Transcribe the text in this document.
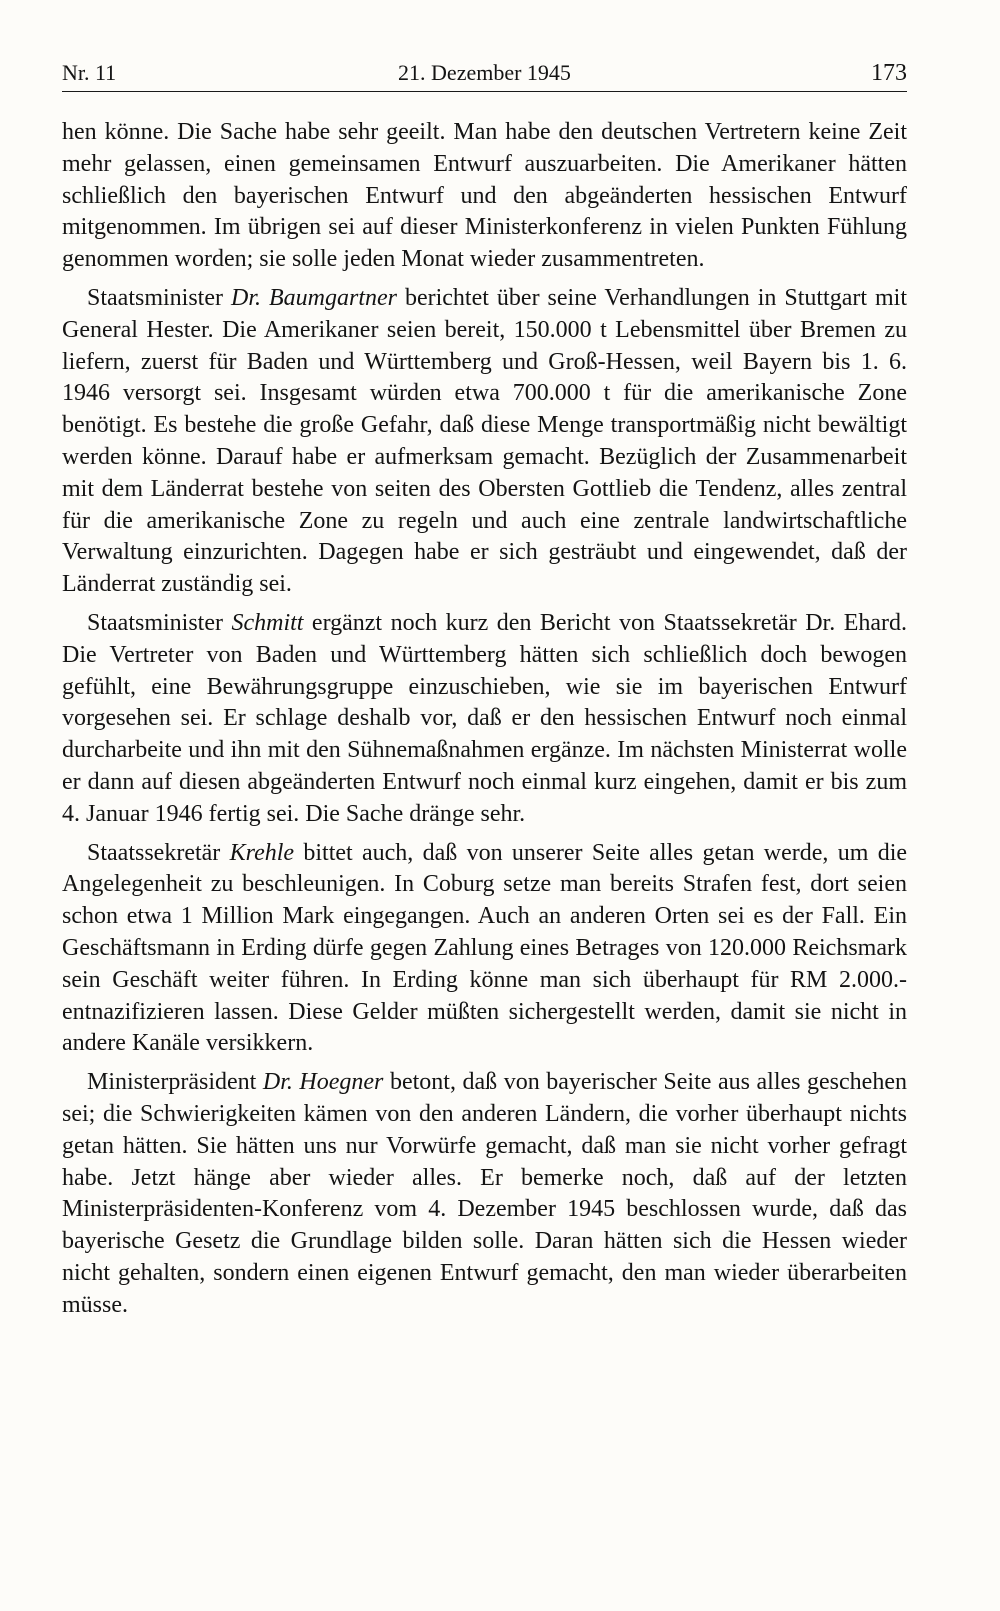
Nr. 11	21. Dezember 1945	173

hen könne. Die Sache habe sehr geeilt. Man habe den deutschen Vertretern keine Zeit mehr gelassen, einen gemeinsamen Entwurf auszuarbeiten. Die Amerikaner hätten schließlich den bayerischen Entwurf und den abgeänderten hessischen Entwurf mitgenommen. Im übrigen sei auf dieser Ministerkonferenz in vielen Punkten Fühlung genommen worden; sie solle jeden Monat wieder zusammentreten.

Staatsminister Dr. Baumgartner berichtet über seine Verhandlungen in Stuttgart mit General Hester. Die Amerikaner seien bereit, 150.000 t Lebensmittel über Bremen zu liefern, zuerst für Baden und Württemberg und Groß-Hessen, weil Bayern bis 1. 6. 1946 versorgt sei. Insgesamt würden etwa 700.000 t für die amerikanische Zone benötigt. Es bestehe die große Gefahr, daß diese Menge transportmäßig nicht bewältigt werden könne. Darauf habe er aufmerksam gemacht. Bezüglich der Zusammenarbeit mit dem Länderrat bestehe von seiten des Obersten Gottlieb die Tendenz, alles zentral für die amerikanische Zone zu regeln und auch eine zentrale landwirtschaftliche Verwaltung einzurichten. Dagegen habe er sich gesträubt und eingewendet, daß der Länderrat zuständig sei.

Staatsminister Schmitt ergänzt noch kurz den Bericht von Staatssekretär Dr. Ehard. Die Vertreter von Baden und Württemberg hätten sich schließlich doch bewogen gefühlt, eine Bewährungsgruppe einzuschieben, wie sie im bayerischen Entwurf vorgesehen sei. Er schlage deshalb vor, daß er den hessischen Entwurf noch einmal durcharbeite und ihn mit den Sühnemaßnahmen ergänze. Im nächsten Ministerrat wolle er dann auf diesen abgeänderten Entwurf noch einmal kurz eingehen, damit er bis zum 4. Januar 1946 fertig sei. Die Sache dränge sehr.

Staatssekretär Krehle bittet auch, daß von unserer Seite alles getan werde, um die Angelegenheit zu beschleunigen. In Coburg setze man bereits Strafen fest, dort seien schon etwa 1 Million Mark eingegangen. Auch an anderen Orten sei es der Fall. Ein Geschäftsmann in Erding dürfe gegen Zahlung eines Betrages von 120.000 Reichsmark sein Geschäft weiter führen. In Erding könne man sich überhaupt für RM 2.000.- entnazifizieren lassen. Diese Gelder müßten sichergestellt werden, damit sie nicht in andere Kanäle versikkern.

Ministerpräsident Dr. Hoegner betont, daß von bayerischer Seite aus alles geschehen sei; die Schwierigkeiten kämen von den anderen Ländern, die vorher überhaupt nichts getan hätten. Sie hätten uns nur Vorwürfe gemacht, daß man sie nicht vorher gefragt habe. Jetzt hänge aber wieder alles. Er bemerke noch, daß auf der letzten Ministerpräsidenten-Konferenz vom 4. Dezember 1945 beschlossen wurde, daß das bayerische Gesetz die Grundlage bilden solle. Daran hätten sich die Hessen wieder nicht gehalten, sondern einen eigenen Entwurf gemacht, den man wieder überarbeiten müsse.
